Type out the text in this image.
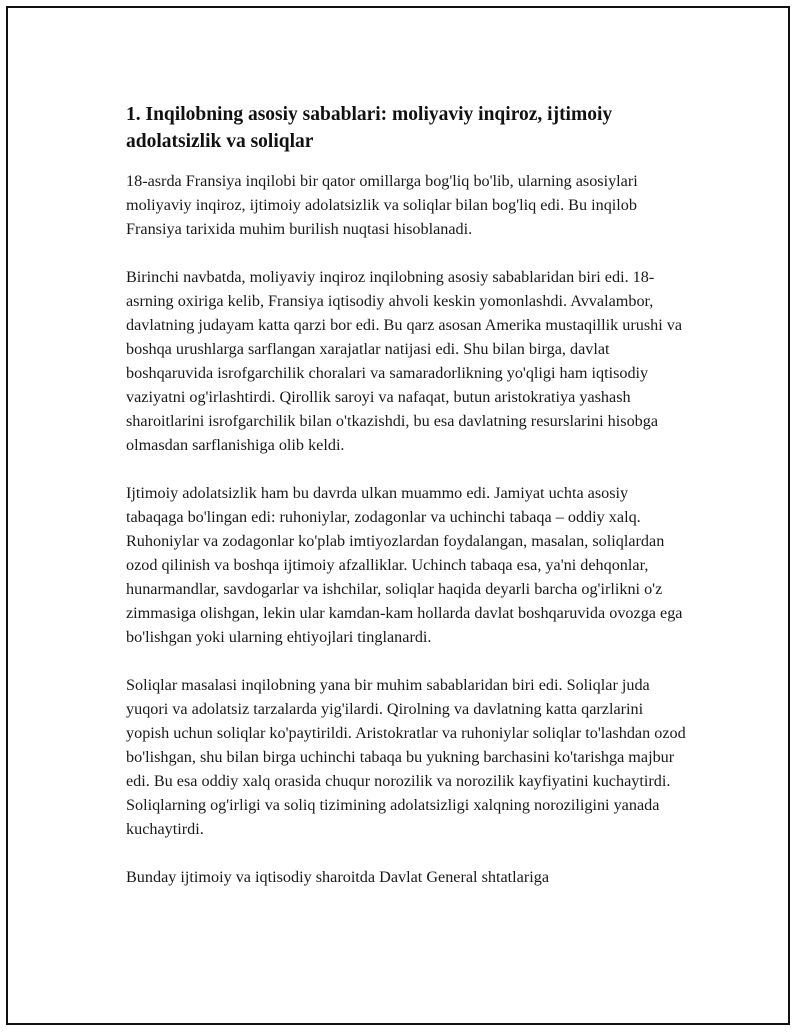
1. Inqilobning asosiy sabablari: moliyaviy inqiroz, ijtimoiy adolatsizlik va soliqlar

18-asrda Fransiya inqilobi bir qator omillarga bog'liq bo'lib, ularning asosiylari moliyaviy inqiroz, ijtimoiy adolatsizlik va soliqlar bilan bog'liq edi. Bu inqilob Fransiya tarixida muhim burilish nuqtasi hisoblanadi.

Birinchi navbatda, moliyaviy inqiroz inqilobning asosiy sabablaridan biri edi. 18-asrning oxiriga kelib, Fransiya iqtisodiy ahvoli keskin yomonlashdi. Avvalambor, davlatning judayam katta qarzi bor edi. Bu qarz asosan Amerika mustaqillik urushi va boshqa urushlarga sarflangan xarajatlar natijasi edi. Shu bilan birga, davlat boshqaruvida isrofgarchilik choralari va samaradorlikning yo'qligi ham iqtisodiy vaziyatni og'irlashtirdi. Qirollik saroyi va nafaqat, butun aristokratiya yashash sharoitlarini isrofgarchilik bilan o'tkazishdi, bu esa davlatning resurslarini hisobga olmasdan sarflanishiga olib keldi.

Ijtimoiy adolatsizlik ham bu davrda ulkan muammo edi. Jamiyat uchta asosiy tabaqaga bo'lingan edi: ruhoniylar, zodagonlar va uchinchi tabaqa – oddiy xalq. Ruhoniylar va zodagonlar ko'plab imtiyozlardan foydalangan, masalan, soliqlardan ozod qilinish va boshqa ijtimoiy afzalliklar. Uchinch tabaqa esa, ya'ni dehqonlar, hunarmandlar, savdogarlar va ishchilar, soliqlar haqida deyarli barcha og'irlikni o'z zimmasiga olishgan, lekin ular kamdan-kam hollarda davlat boshqaruvida ovozga ega bo'lishgan yoki ularning ehtiyojlari tinglanardi.

Soliqlar masalasi inqilobning yana bir muhim sabablaridan biri edi. Soliqlar juda yuqori va adolatsiz tarzalarda yig'ilardi. Qirolning va davlatning katta qarzlarini yopish uchun soliqlar ko'paytirildi. Aristokratlar va ruhoniylar soliqlar to'lashdan ozod bo'lishgan, shu bilan birga uchinchi tabaqa bu yukning barchasini ko'tarishga majbur edi. Bu esa oddiy xalq orasida chuqur norozilik va norozilik kayfiyatini kuchaytirdi. Soliqlarning og'irligi va soliq tizimining adolatsizligi xalqning noroziligini yanada kuchaytirdi.

Bunday ijtimoiy va iqtisodiy sharoitda Davlat General shtatlariga
